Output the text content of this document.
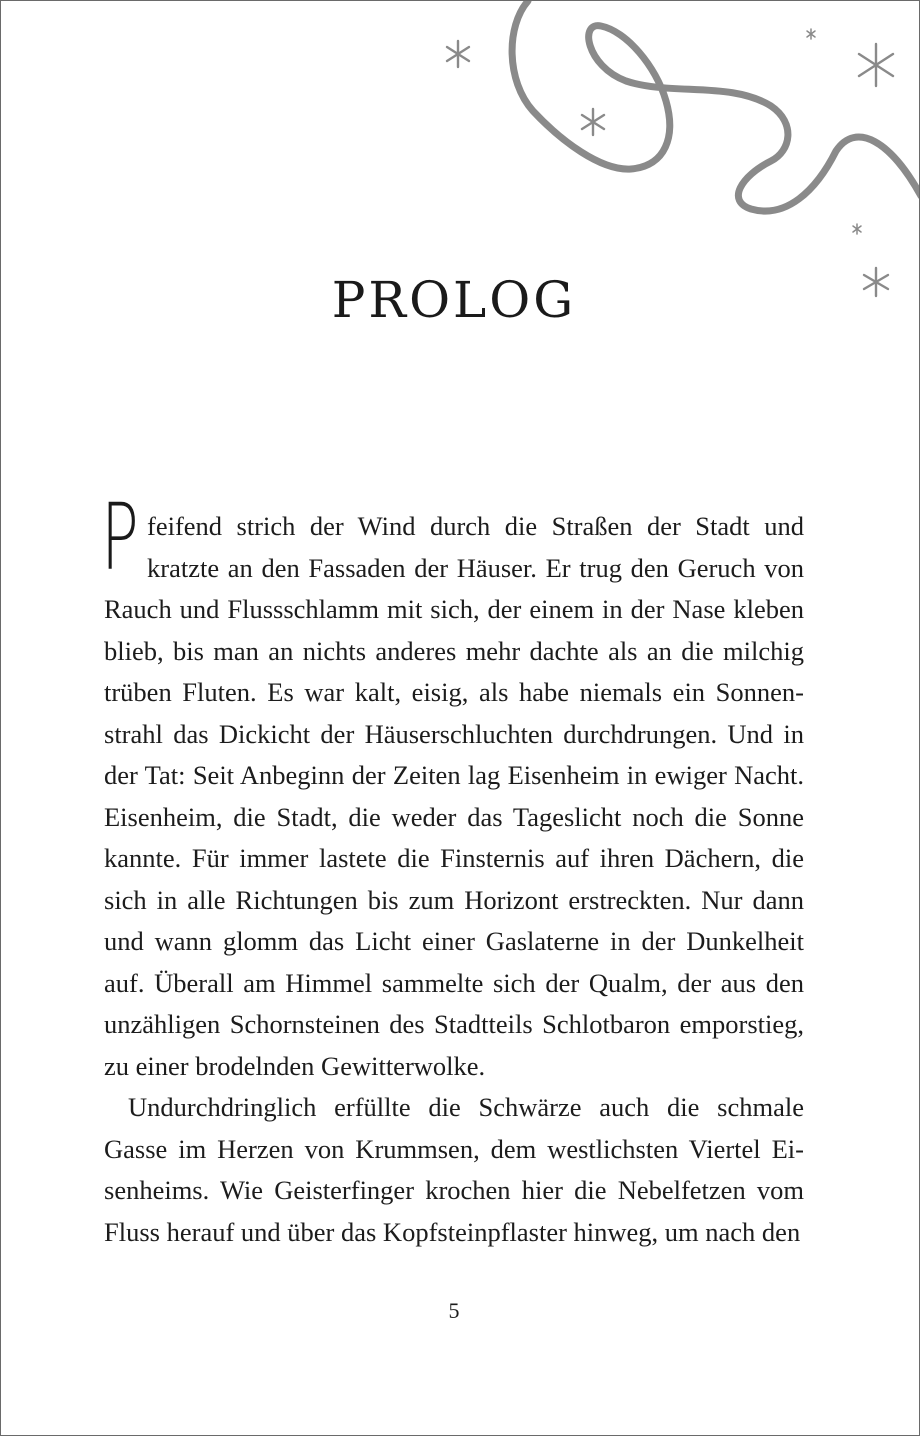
PROLOG

Pfeifend strich der Wind durch die Straßen der Stadt und kratzte an den Fassaden der Häuser. Er trug den Geruch von Rauch und Flussschlamm mit sich, der einem in der Nase kleben blieb, bis man an nichts anderes mehr dachte als an die milchig trüben Fluten. Es war kalt, eisig, als habe niemals ein Sonnenstrahl das Dickicht der Häuserschluchten durchdrungen. Und in der Tat: Seit Anbeginn der Zeiten lag Eisenheim in ewiger Nacht. Eisenheim, die Stadt, die weder das Tageslicht noch die Sonne kannte. Für immer lastete die Finsternis auf ihren Dächern, die sich in alle Richtungen bis zum Horizont erstreckten. Nur dann und wann glomm das Licht einer Gaslaterne in der Dunkelheit auf. Überall am Himmel sammelte sich der Qualm, der aus den unzähligen Schornsteinen des Stadtteils Schlotbaron emporstieg, zu einer brodelnden Gewitterwolke.

Undurchdringlich erfüllte die Schwärze auch die schmale Gasse im Herzen von Krummsen, dem westlichsten Viertel Eisenheims. Wie Geisterfinger krochen hier die Nebelfetzen vom Fluss herauf und über das Kopfsteinpflaster hinweg, um nach den

5
